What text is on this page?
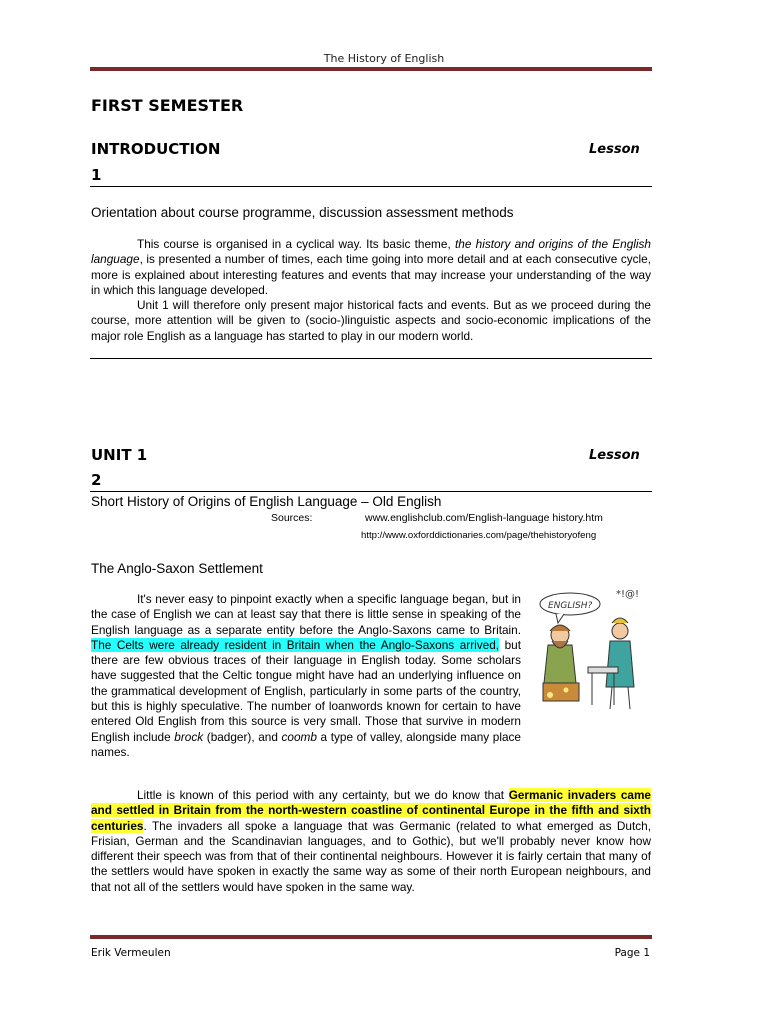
The History of English
FIRST SEMESTER
INTRODUCTION	Lesson
1
Orientation about course programme, discussion assessment methods

This course is organised in a cyclical way. Its basic theme, the history and origins of the English language, is presented a number of times, each time going into more detail and at each consecutive cycle, more is explained about interesting features and events that may increase your understanding of the way in which this language developed.

Unit 1 will therefore only present major historical facts and events. But as we proceed during the course, more attention will be given to (socio-)linguistic aspects and socio-economic implications of the major role English as a language has started to play in our modern world.

UNIT 1	Lesson
2
Short History of Origins of English Language – Old English
Sources:	www.englishclub.com/English-language history.htm
http://www.oxforddictionaries.com/page/thehistoryofeng
The Anglo-Saxon Settlement
*!@!
ENGLISH?

It's never easy to pinpoint exactly when a specific language began, but in the case of English we can at least say that there is little sense in speaking of the English language as a separate entity before the Anglo-Saxons came to Britain. The Celts were already resident in Britain when the Anglo-Saxons arrived, but there are few obvious traces of their language in English today. Some scholars have suggested that the Celtic tongue might have had an underlying influence on the grammatical development of English, particularly in some parts of the country, but this is highly speculative. The number of loanwords known for certain to have entered Old English from this source is very small. Those that survive in modern English include brock (badger), and coomb a type of valley, alongside many place names.

Little is known of this period with any certainty, but we do know that Germanic invaders came and settled in Britain from the north-western coastline of continental Europe in the fifth and sixth centuries. The invaders all spoke a language that was Germanic (related to what emerged as Dutch, Frisian, German and the Scandinavian languages, and to Gothic), but we'll probably never know how different their speech was from that of their continental neighbours. However it is fairly certain that many of the settlers would have spoken in exactly the same way as some of their north European neighbours, and that not all of the settlers would have spoken in the same way.

Erik Vermeulen	Page 1
